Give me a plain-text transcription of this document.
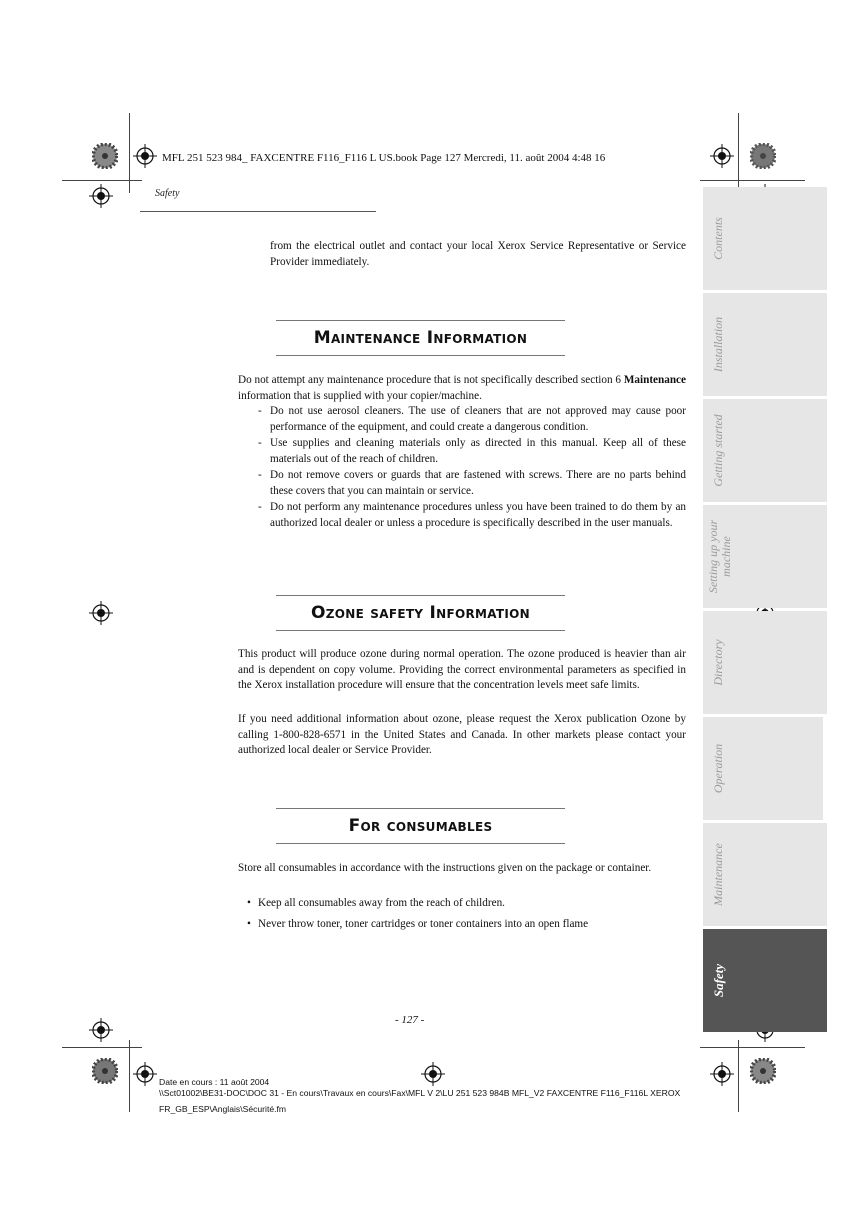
MFL 251 523 984_ FAXCENTRE F116_F116 L US.book Page 127 Mercredi, 11. août 2004 4:48 16
Safety
from the electrical outlet and contact your local Xerox Service Representative or Service Provider immediately.
Maintenance Information
Do not attempt any maintenance procedure that is not specifically described section 6 Maintenance information that is supplied with your copier/machine.
- Do not use aerosol cleaners. The use of cleaners that are not approved may cause poor performance of the equipment, and could create a dangerous condition.
- Use supplies and cleaning materials only as directed in this manual. Keep all of these materials out of the reach of children.
- Do not remove covers or guards that are fastened with screws. There are no parts behind these covers that you can maintain or service.
- Do not perform any maintenance procedures unless you have been trained to do them by an authorized local dealer or unless a procedure is specifically described in the user manuals.
Ozone safety Information
This product will produce ozone during normal operation. The ozone produced is heavier than air and is dependent on copy volume. Providing the correct environmental parameters as specified in the Xerox installation procedure will ensure that the concentration levels meet safe limits.
If you need additional information about ozone, please request the Xerox publication Ozone by calling 1-800-828-6571 in the United States and Canada. In other markets please contact your authorized local dealer or Service Provider.
For consumables
Store all consumables in accordance with the instructions given on the package or container.
• Keep all consumables away from the reach of children.
• Never throw toner, toner cartridges or toner containers into an open flame
Contents
Installation
Getting started
Setting up your machine
Directory
Operation
Maintenance
Safety
- 127 -
Date en cours : 11 août 2004
\\Sct01002\BE31-DOC\DOC 31 - En cours\Travaux en cours\Fax\MFL V 2\LU 251 523 984B MFL_V2 FAXCENTRE F116_F116L XEROX
FR_GB_ESP\Anglais\Sécurité.fm
